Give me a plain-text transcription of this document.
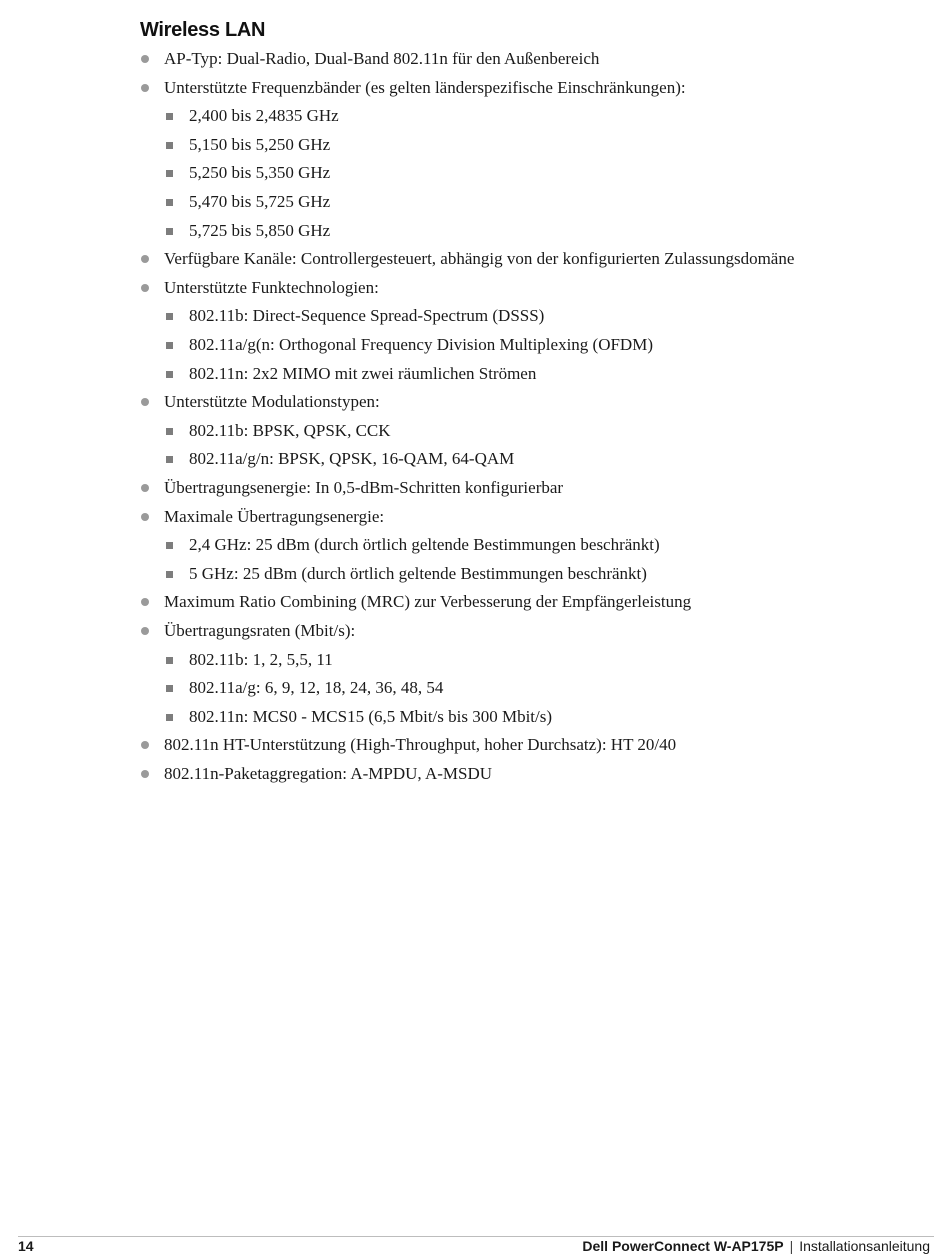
Wireless LAN
AP-Typ: Dual-Radio, Dual-Band 802.11n für den Außenbereich
Unterstützte Frequenzbänder (es gelten länderspezifische Einschränkungen):
2,400 bis 2,4835 GHz
5,150 bis 5,250 GHz
5,250 bis 5,350 GHz
5,470 bis 5,725 GHz
5,725 bis 5,850 GHz
Verfügbare Kanäle: Controllergesteuert, abhängig von der konfigurierten Zulassungsdomäne
Unterstützte Funktechnologien:
802.11b: Direct-Sequence Spread-Spectrum (DSSS)
802.11a/g(n: Orthogonal Frequency Division Multiplexing (OFDM)
802.11n: 2x2 MIMO mit zwei räumlichen Strömen
Unterstützte Modulationstypen:
802.11b: BPSK, QPSK, CCK
802.11a/g/n: BPSK, QPSK, 16-QAM, 64-QAM
Übertragungsenergie: In 0,5-dBm-Schritten konfigurierbar
Maximale Übertragungsenergie:
2,4 GHz: 25 dBm (durch örtlich geltende Bestimmungen beschränkt)
5 GHz: 25 dBm (durch örtlich geltende Bestimmungen beschränkt)
Maximum Ratio Combining (MRC) zur Verbesserung der Empfängerleistung
Übertragungsraten (Mbit/s):
802.11b: 1, 2, 5,5, 11
802.11a/g: 6, 9, 12, 18, 24, 36, 48, 54
802.11n: MCS0 - MCS15 (6,5 Mbit/s bis 300 Mbit/s)
802.11n HT-Unterstützung (High-Throughput, hoher Durchsatz): HT 20/40
802.11n-Paketaggregation: A-MPDU, A-MSDU
14	Dell PowerConnect W-AP175P | Installationsanleitung
